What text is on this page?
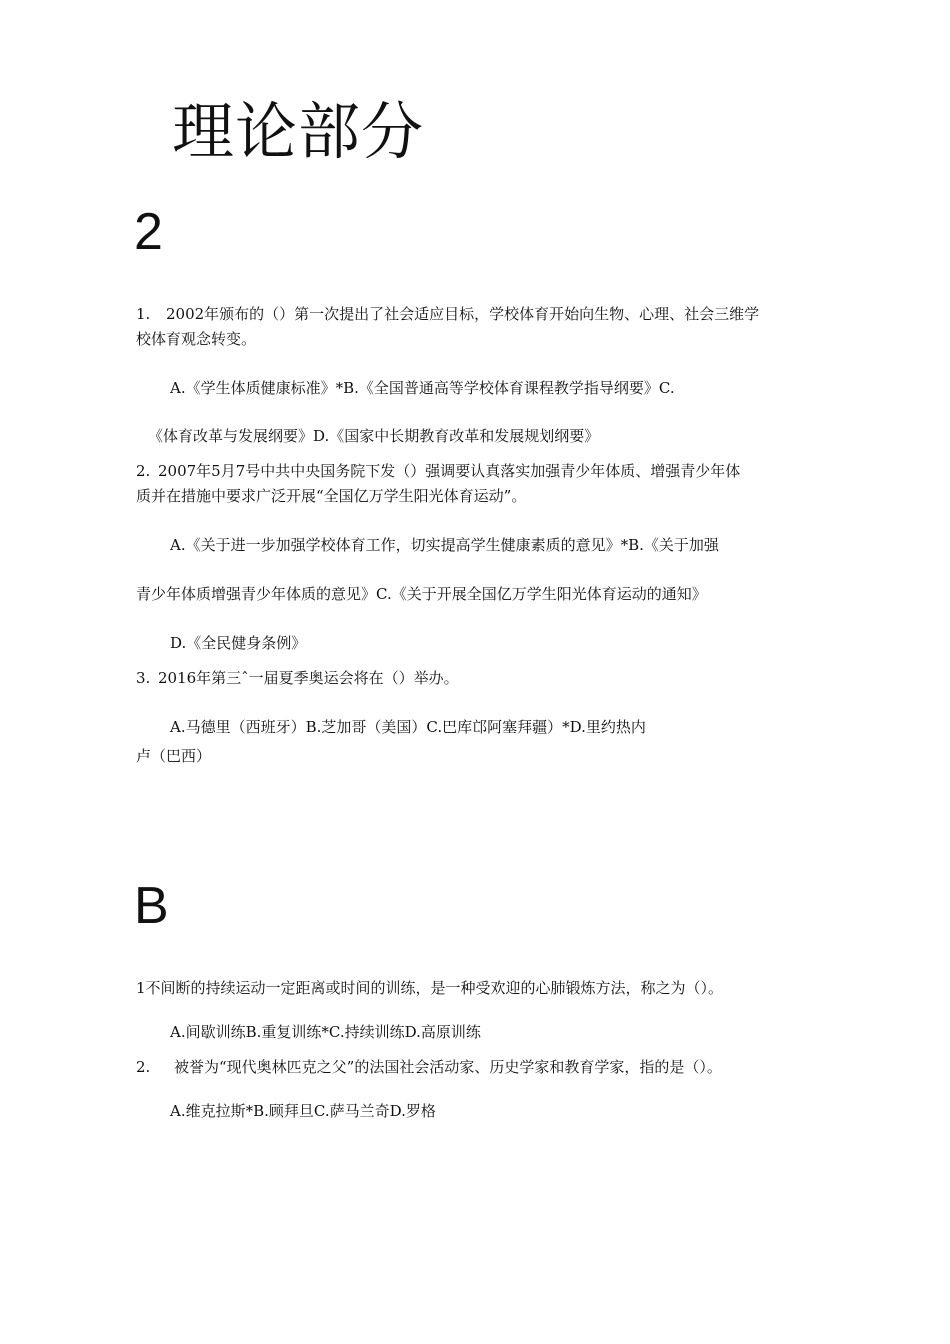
理论部分
2
1. 2002年颁布的（）第一次提出了社会适应目标，学校体育开始向生物、心理、社会三维学
校体育观念转变。
A.《学生体质健康标准》*B.《全国普通高等学校体育课程教学指导纲要》C.
《体育改革与发展纲要》D.《国家中长期教育改革和发展规划纲要》
2. 2007年5月7号中共中央国务院下发（）强调要认真落实加强青少年体质、增强青少年体
质并在措施中要求广泛开展“全国亿万学生阳光体育运动”。
A.《关于进一步加强学校体育工作，切实提高学生健康素质的意见》*B.《关于加强
青少年体质增强青少年体质的意见》C.《关于开展全国亿万学生阳光体育运动的通知》
D.《全民健身条例》
3. 2016年第三ˆ一届夏季奥运会将在（）举办。
A.马德里（西班牙）B.芝加哥（美国）C.巴库邙阿塞拜疆）*D.里约热内
卢（巴西）
B
1不间断的持续运动一定距离或时间的训练，是一种受欢迎的心肺锻炼方法，称之为（）。
A.间歇训练B.重复训练*C.持续训练D.高原训练
2. 被誉为“现代奥林匹克之父”的法国社会活动家、历史学家和教育学家，指的是（）。
A.维克拉斯*B.顾拜旦C.萨马兰奇D.罗格
